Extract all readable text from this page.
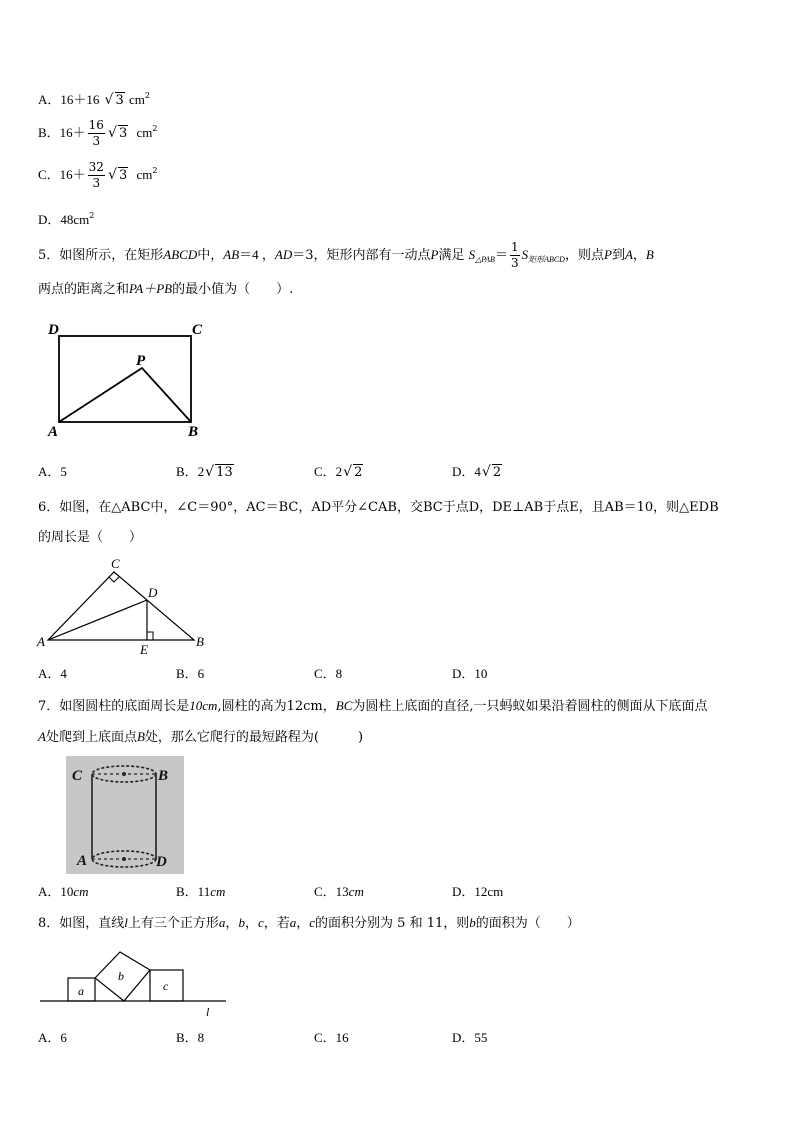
A．16＋16 √ 3 $cm^2$
B．$16+ \frac{16}{3}$ √ 3 $cm^2$
C．$16+ \frac{32}{3}$ √ 3 $cm^2$
D．$48cm^2$
5．如图所示，在矩形ABCD中，AB＝4 ，AD＝3，矩形内部有一动点P满足 $S_{\triangle PAB}= \frac{1}{3} S_{矩形ABCD}$，则点P到A，B
两点的距离之和PA＋PB的最小值为（　　）.
D	C
P
A	B
A．5	B．2 √ 13	C．2 √ 2	D．4 √ 2
6．如图，在△ABC中，∠C＝90°，AC＝BC，AD平分∠CAB，交BC于点D，DE⊥AB于点E，且AB＝10，则△EDB
的周长是（　　）
C
D
A
E
B
A．4	B．6	C．8	D．10
7．如图圆柱的底面周长是10cm,圆柱的高为12cm，BC为圆柱上底面的直径,一只蚂蚁如果沿着圆柱的侧面从下底面点
A处爬到上底面点B处，那么它爬行的最短路程为(　　　)
C	B
A	D
A．10cm	B．11cm	C．13cm	D．12cm
8．如图，直线l上有三个正方形a，b，c，若a，c的面积分别为 5 和 11，则b的面积为（　　）
a
b
c
l
A．6	B．8	C．16	D．55
